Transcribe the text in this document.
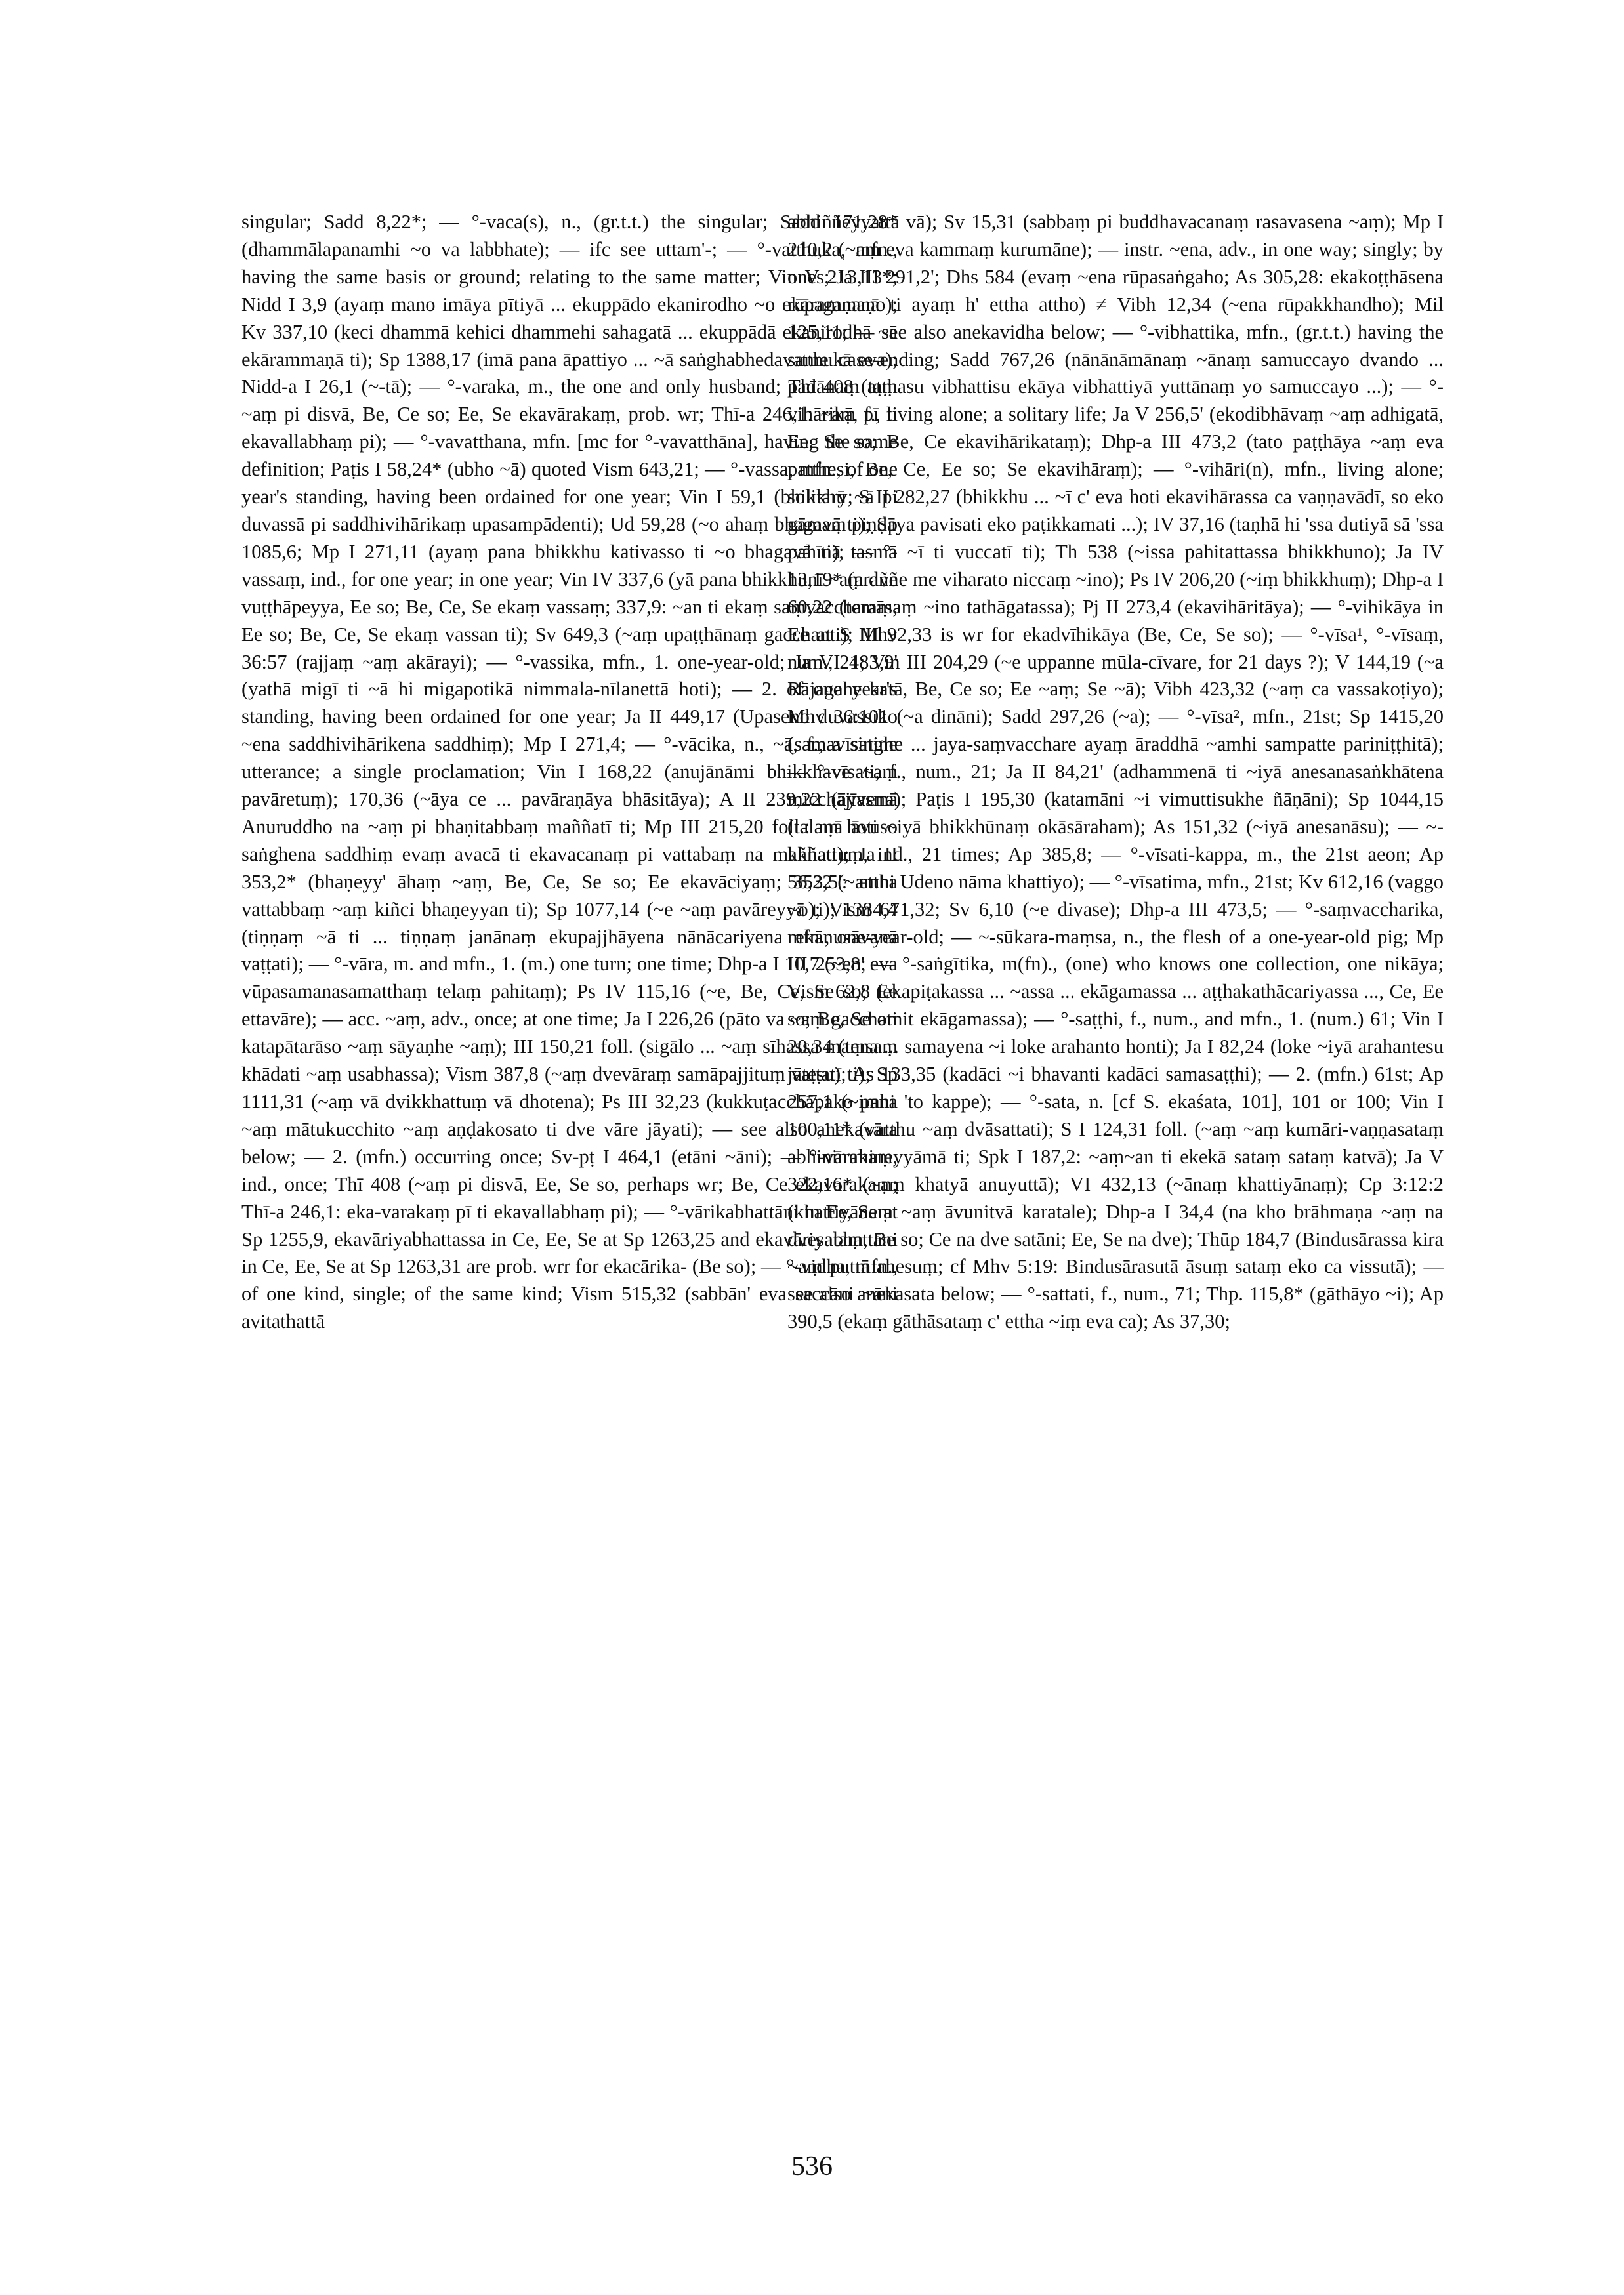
singular; Sadd 8,22*; — °-vaca(s), n., (gr.t.t.) the singular; Sadd 171,28* (dhammālapanamhi ~o va labbhate); — ifc see uttam'-; — °-vatthuka, mfn., having the same basis or ground; relating to the same matter; Vin V 213,13*; Nidd I 3,9 (ayaṃ mano imāya pītiyā ... ekuppādo ekanirodho ~o ekārammaṇo); Kv 337,10 (keci dhammā kehici dhammehi sahagatā ... ekuppādā ekanirodhā ~ā ekārammaṇā ti); Sp 1388,17 (imā pana āpattiyo ... ~ā saṅghabhedavatthukā eva); Nidd-a I 26,1 (~-tā); — °-varaka, m., the one and only husband; Thī 408 (taṃ ~aṃ pi disvā, Be, Ce so; Ee, Se ekavārakaṃ, prob. wr; Thī-a 246,1: ~aṃ pī ti ekavallabhaṃ pi); — °-vavatthana, mfn. [mc for °-vavatthāna], having the same definition; Paṭis I 58,24* (ubho ~ā) quoted Vism 643,21; — °-vassa, mfn., of one year's standing, having been ordained for one year; Vin I 59,1 (bhikkhū ~ā pi duvassā pi saddhivihārikaṃ upasampādenti); Ud 59,28 (~o ahaṃ bhagavā ti); Sp 1085,6; Mp I 271,11 (ayaṃ pana bhikkhu kativasso ti ~o bhagavā ti); — °-vassaṃ, ind., for one year; in one year; Vin IV 337,6 (yā pana bhikkhunī ~aṃ dve vuṭṭhāpeyya, Ee so; Be, Ce, Se ekaṃ vassaṃ; 337,9: ~an ti ekaṃ saṃvaccharaṃ, Ee so; Be, Ce, Se ekaṃ vassan ti); Sv 649,3 (~aṃ upaṭṭhānaṃ gacchanti); Mhv 36:57 (rajjaṃ ~aṃ akārayi); — °-vassika, mfn., 1. one-year-old; Ja VI 483,9' (yathā migī ti ~ā hi migapotikā nimmala-nīlanettā hoti); — 2. of one year's standing, having been ordained for one year; Ja II 449,17 (Upaseno duvassiko ~ena saddhivihārikena saddhiṃ); Mp I 271,4; — °-vācika, n., ~ā, f., a single utterance; a single proclamation; Vin I 168,22 (anujānāmi bhikkhave ~aṃ pavāretuṃ); 170,36 (~āya ce ... pavāraṇāya bhāsitāya); A II 239,22 (āyasmā Anuruddho na ~aṃ pi bhaṇitabbaṃ maññatī ti; Mp III 215,20 foll.: mā āvuso saṅghena saddhiṃ evaṃ avacā ti ekavacanaṃ pi vattabaṃ na maññati); Ja II 353,2* (bhaṇeyy' āhaṃ ~aṃ, Be, Ce, Se so; Ee ekavāciyaṃ; 353,5': ettha vattabbaṃ ~aṃ kiñci bhaṇeyyan ti); Sp 1077,14 (~e ~aṃ pavāreyyā ti); 1384,4 (tiṇṇaṃ ~ā ti ... tiṇṇaṃ janānaṃ ekupajjhāyena nānācariyena ekānusāvanā vaṭṭati); — °-vāra, m. and mfn., 1. (m.) one turn; one time; Dhp-a I 10,7 (~en' eva vūpasamanasamatthaṃ telaṃ pahitaṃ); Ps IV 115,16 (~e, Be, Ce, Se so; Ee ettavāre); — acc. ~aṃ, adv., once; at one time; Ja I 226,26 (pāto va ~aṃ gacchati katapātarāso ~aṃ sāyaṇhe ~aṃ); III 150,21 foll. (sigālo ... ~aṃ sīhassa maṃsaṃ khādati ~aṃ usabhassa); Vism 387,8 (~aṃ dvevāraṃ samāpajjituṃ vaṭṭatī ti); Sp 1111,31 (~aṃ vā dvikkhattuṃ vā dhotena); Ps III 32,23 (kukkuṭacchāpako pana ~aṃ mātukucchito ~aṃ aṇḍakosato ti dve vāre jāyati); — see also anekavāra below; — 2. (mfn.) occurring once; Sv-pṭ I 464,1 (etāni ~āni); — °-vārakaṃ, ind., once; Thī 408 (~aṃ pi disvā, Ee, Se so, perhaps wr; Be, Ce ekavarakaṃ; Thī-a 246,1: eka-varakaṃ pī ti ekavallabhaṃ pi); — °-vārikabhattāni in Ee, Se at Sp 1255,9, ekavāriyabhattassa in Ce, Ee, Se at Sp 1263,25 and ekavāriyabhattāni in Ce, Ee, Se at Sp 1263,31 are prob. wrr for ekacārika- (Be so); — °-vidha, mfn., of one kind, single; of the same kind; Vism 515,32 (sabbān' eva saccāni ~āni avitathattā

abhiññeyyattā vā); Sv 15,31 (sabbaṃ pi buddhavacanaṃ rasavasena ~aṃ); Mp I 210,2 (~aṃ eva kammaṃ kurumāne); — instr. ~ena, adv., in one way; singly; by ones; Ja III 291,2'; Dhs 584 (evaṃ ~ena rūpasaṅgaho; As 305,28: ekakoṭṭhāsena rūpagaṇanā ti ayaṃ h' ettha attho) ≠ Vibh 12,34 (~ena rūpakkhandho); Mil 125,11; — see also anekavidha below; — °-vibhattika, mfn., (gr.t.t.) having the same case-ending; Sadd 767,26 (nānānāmānaṃ ~ānaṃ samuccayo dvando ... padānaṃ aṭṭhasu vibhattisu ekāya vibhattiyā yuttānaṃ yo samuccayo ...); — °-vihārikā, f., living alone; a solitary life; Ja V 256,5' (ekodibhāvaṃ ~aṃ adhigatā, Ee, Se so; Be, Ce ekavihārikataṃ); Dhp-a III 473,2 (tato paṭṭhāya ~aṃ eva patthesi, Be, Ce, Ee so; Se ekavihāraṃ); — °-vihāri(n), mfn., living alone; solitary; S II 282,27 (bhikkhu ... ~ī c' eva hoti ekavihārassa ca vaṇṇavādī, so eko gāmaṃ piṇḍāya pavisati eko paṭikkamati ...); IV 37,16 (taṇhā hi 'ssa dutiyā sā 'ssa pahīnā tasmā ~ī ti vuccatī ti); Th 538 (~issa pahitattassa bhikkhuno); Ja IV 13,19* (araññe me viharato niccaṃ ~ino); Ps IV 206,20 (~iṃ bhikkhuṃ); Dhp-a I 60,22 (temāsaṃ ~ino tathāgatassa); Pj II 273,4 (ekavihāritāya); — °-vihikāya in Ee at S III 92,33 is wr for ekadvīhikāya (Be, Ce, Se so); — °-vīsa¹, °-vīsaṃ, num., 21; Vin III 204,29 (~e uppanne mūla-cīvare, for 21 days ?); V 144,19 (~a Rājagahe katā, Be, Ce so; Ee ~aṃ; Se ~ā); Vibh 423,32 (~aṃ ca vassakoṭiyo); Mhv 36:101 (~a dināni); Sadd 297,26 (~a); — °-vīsa², mfn., 21st; Sp 1415,20 (samavīsatime ... jaya-saṃvacchare ayaṃ āraddhā ~amhi sampatte pariniṭṭhitā); — °-vīsati, f., num., 21; Ja II 84,21' (adhammenā ti ~iyā anesanasaṅkhātena micchājīvena); Paṭis I 195,30 (katamāni ~i vimuttisukhe ñāṇāni); Sp 1044,15 (talaṃ hoti ~iyā bhikkhūnaṃ okāsāraham); As 151,32 (~iyā anesanāsu); — ~-kkhattuṃ, ind., 21 times; Ap 385,8; — °-vīsati-kappa, m., the 21st aeon; Ap 56,22 (~amhi Udeno nāma khattiyo); — °-vīsatima, mfn., 21st; Kv 612,16 (vaggo ~o); Vism 671,32; Sv 6,10 (~e divase); Dhp-a III 473,5; — °-saṃvaccharika, mfn., one-year-old; — ~-sūkara-maṃsa, n., the flesh of a one-year-old pig; Mp III 253,8; — °-saṅgītika, m(fn)., (one) who knows one collection, one nikāya; Vism 62,8 (ekapiṭakassa ... ~assa ... ekāgamassa ... aṭṭhakathācariyassa ..., Ce, Ee so; Be, Se omit ekāgamassa); — °-saṭṭhi, f., num., and mfn., 1. (num.) 61; Vin I 20,34 (tena ... samayena ~i loke arahanto honti); Ja I 82,24 (loke ~iyā arahantesu jātesu); As 133,35 (kadāci ~i bhavanti kadāci samasaṭṭhi); — 2. (mfn.) 61st; Ap 257,1 (~imhi 'to kappe); — °-sata, n. [cf S. ekaśata, 101], 101 or 100; Vin I 100,11* (vatthu ~aṃ dvāsattati); S I 124,31 foll. (~aṃ ~aṃ kumāri-vaṇṇasataṃ abhinimmineyyāmā ti; Spk I 187,2: ~aṃ~an ti ekekā sataṃ sataṃ katvā); Ja V 322,16* (~aṃ khatyā anuyuttā); VI 432,13 (~ānaṃ khattiyānaṃ); Cp 3:12:2 (khattiyānaṃ ~aṃ āvunitvā karatale); Dhp-a I 34,4 (na kho brāhmaṇa ~aṃ na dvesataṃ, Be so; Ce na dve satāni; Ee, Se na dve); Thūp 184,7 (Bindusārassa kira ~aṃ puttā ahesuṃ; cf Mhv 5:19: Bindusārasutā āsuṃ sataṃ eko ca vissutā); — see also anekasata below; — °-sattati, f., num., 71; Thp. 115,8* (gāthāyo ~i); Ap 390,5 (ekaṃ gāthāsataṃ c' ettha ~iṃ eva ca); As 37,30;

536
